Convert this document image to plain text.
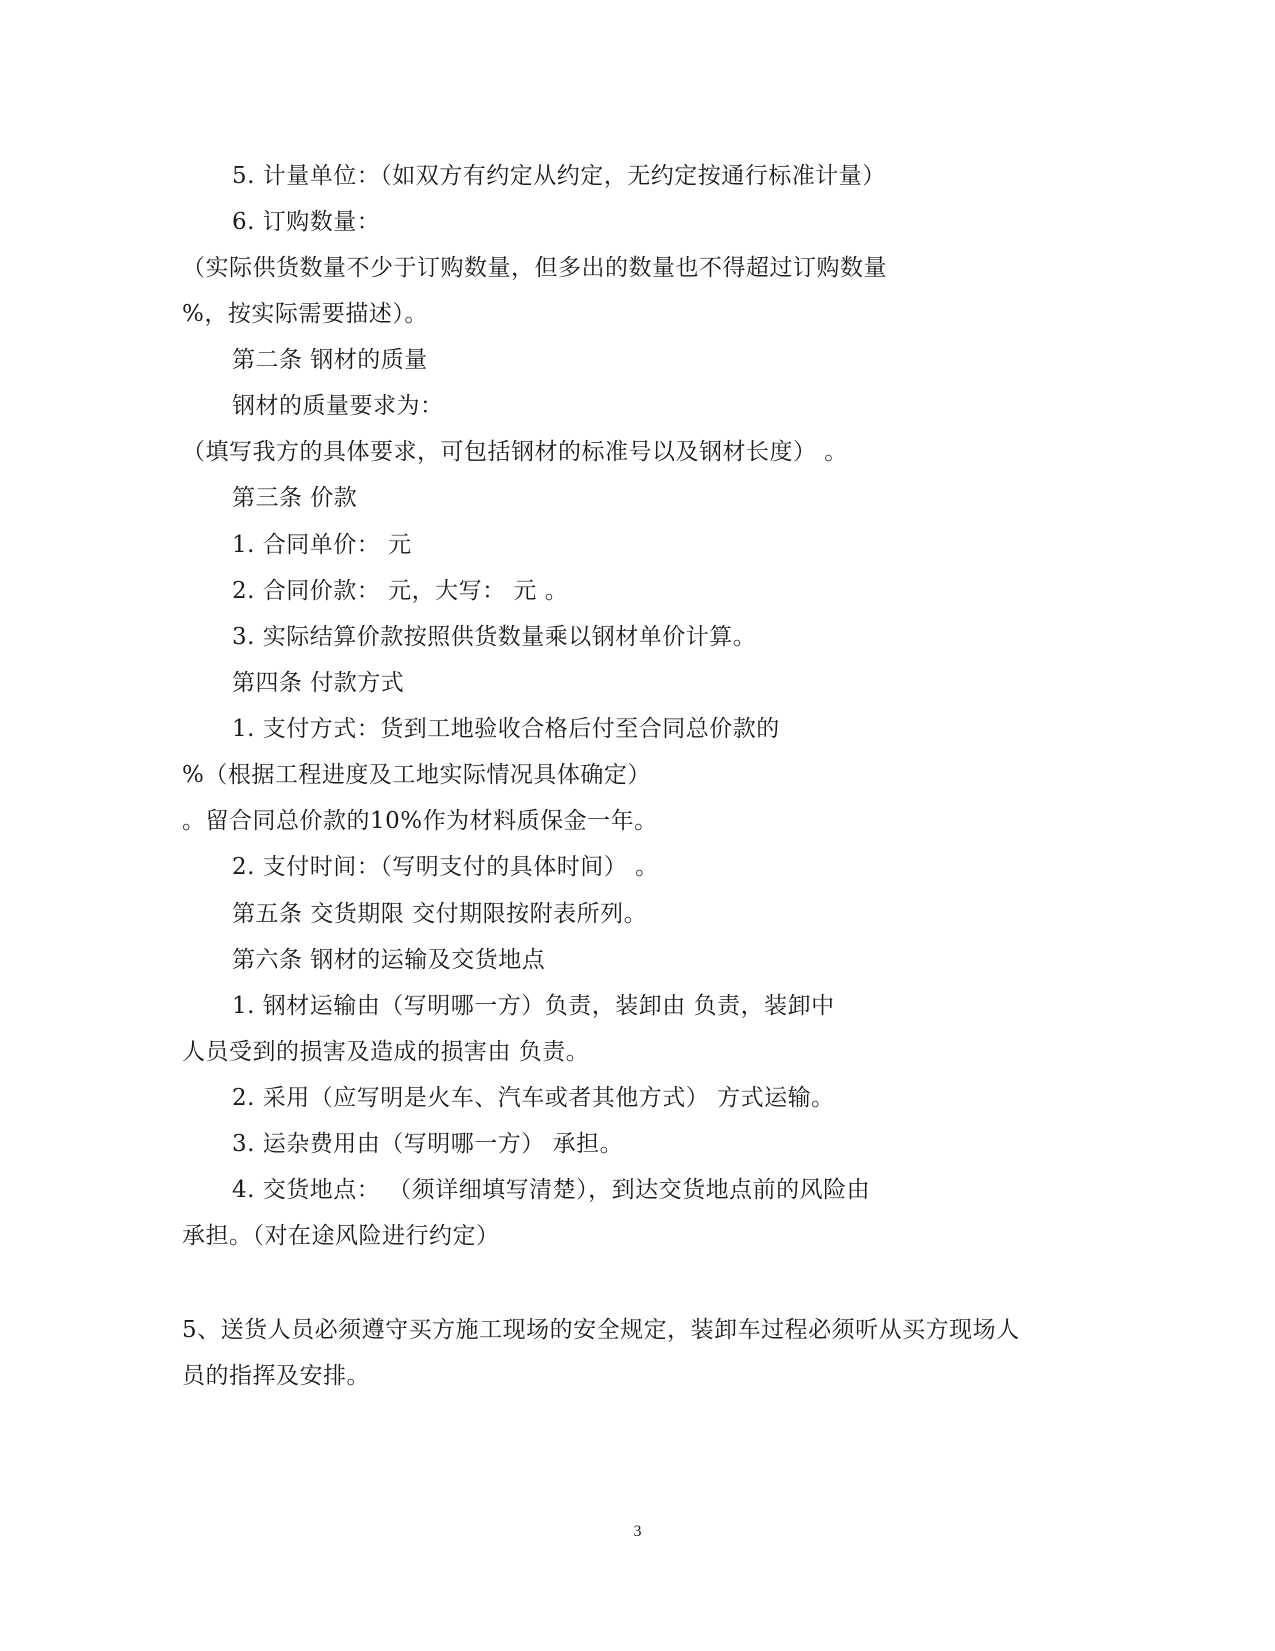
5. 计量单位：（如双方有约定从约定，无约定按通行标准计量）
6. 订购数量：
（实际供货数量不少于订购数量，但多出的数量也不得超过订购数量
%，按实际需要描述）。
第二条 钢材的质量
钢材的质量要求为：
（填写我方的具体要求，可包括钢材的标准号以及钢材长度） 。
第三条 价款
1. 合同单价： 元
2. 合同价款： 元，大写： 元 。
3. 实际结算价款按照供货数量乘以钢材单价计算。
第四条 付款方式
1. 支付方式：货到工地验收合格后付至合同总价款的
%（根据工程进度及工地实际情况具体确定）
。留合同总价款的10%作为材料质保金一年。
2. 支付时间：（写明支付的具体时间） 。
第五条 交货期限 交付期限按附表所列。
第六条 钢材的运输及交货地点
1. 钢材运输由（写明哪一方）负责，装卸由 负责，装卸中
人员受到的损害及造成的损害由 负责。
2. 采用（应写明是火车、汽车或者其他方式） 方式运输。
3. 运杂费用由（写明哪一方） 承担。
4. 交货地点： （须详细填写清楚），到达交货地点前的风险由
承担。（对在途风险进行约定）
5、送货人员必须遵守买方施工现场的安全规定，装卸车过程必须听从买方现场人
员的指挥及安排。
3
